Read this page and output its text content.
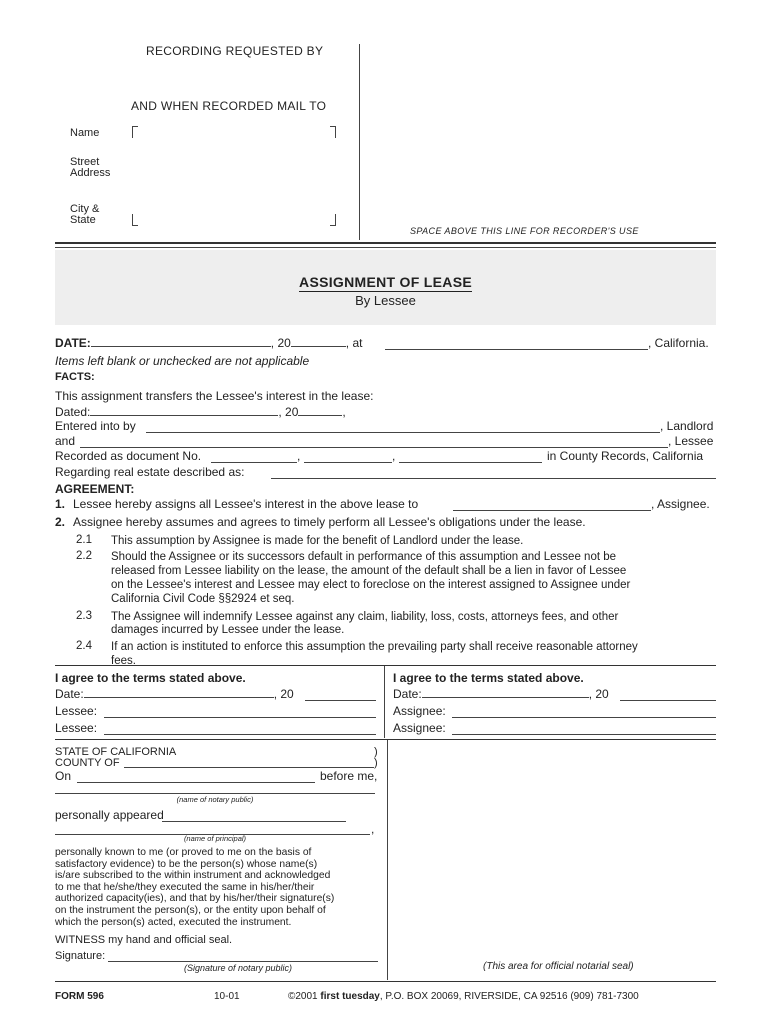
RECORDING REQUESTED BY
AND WHEN RECORDED MAIL TO
Name
Street
Address
City &
State
SPACE ABOVE THIS LINE FOR RECORDER'S USE
ASSIGNMENT OF LEASE
By Lessee
DATE:	, 20	, at	, California.
Items left blank or unchecked are not applicable
FACTS:
This assignment transfers the Lessee's interest in the lease:
Dated:	, 20	,
Entered into by	, Landlord
and	, Lessee
Recorded as document No.	,	,	in County Records, California
Regarding real estate described as:
AGREEMENT:
1. Lessee hereby assigns all Lessee's interest in the above lease to	, Assignee.
2. Assignee hereby assumes and agrees to timely perform all Lessee's obligations under the lease.
2.1 This assumption by Assignee is made for the benefit of Landlord under the lease.
2.2 Should the Assignee or its successors default in performance of this assumption and Lessee not be
released from Lessee liability on the lease, the amount of the default shall be a lien in favor of Lessee
on the Lessee's interest and Lessee may elect to foreclose on the interest assigned to Assignee under
California Civil Code §§2924 et seq.
2.3 The Assignee will indemnify Lessee against any claim, liability, loss, costs, attorneys fees, and other
damages incurred by Lessee under the lease.
2.4 If an action is instituted to enforce this assumption the prevailing party shall receive reasonable attorney
fees.
I agree to the terms stated above.
Date:	, 20
Lessee:
Lessee:
I agree to the terms stated above.
Date:	, 20
Assignee:
Assignee:
STATE OF CALIFORNIA	)
COUNTY OF	)
On	before me,
(name of notary public)
personally appeared
,
(name of principal)
personally known to me (or proved to me on the basis of
satisfactory evidence) to be the person(s) whose name(s)
is/are subscribed to the within instrument and acknowledged
to me that he/she/they executed the same in his/her/their
authorized capacity(ies), and that by his/her/their signature(s)
on the instrument the person(s), or the entity upon behalf of
which the person(s) acted, executed the instrument.
WITNESS my hand and official seal.
Signature:
(Signature of notary public)	(This area for official notarial seal)
FORM 596	10-01	©2001 first tuesday, P.O. BOX 20069, RIVERSIDE, CA 92516 (909) 781-7300
